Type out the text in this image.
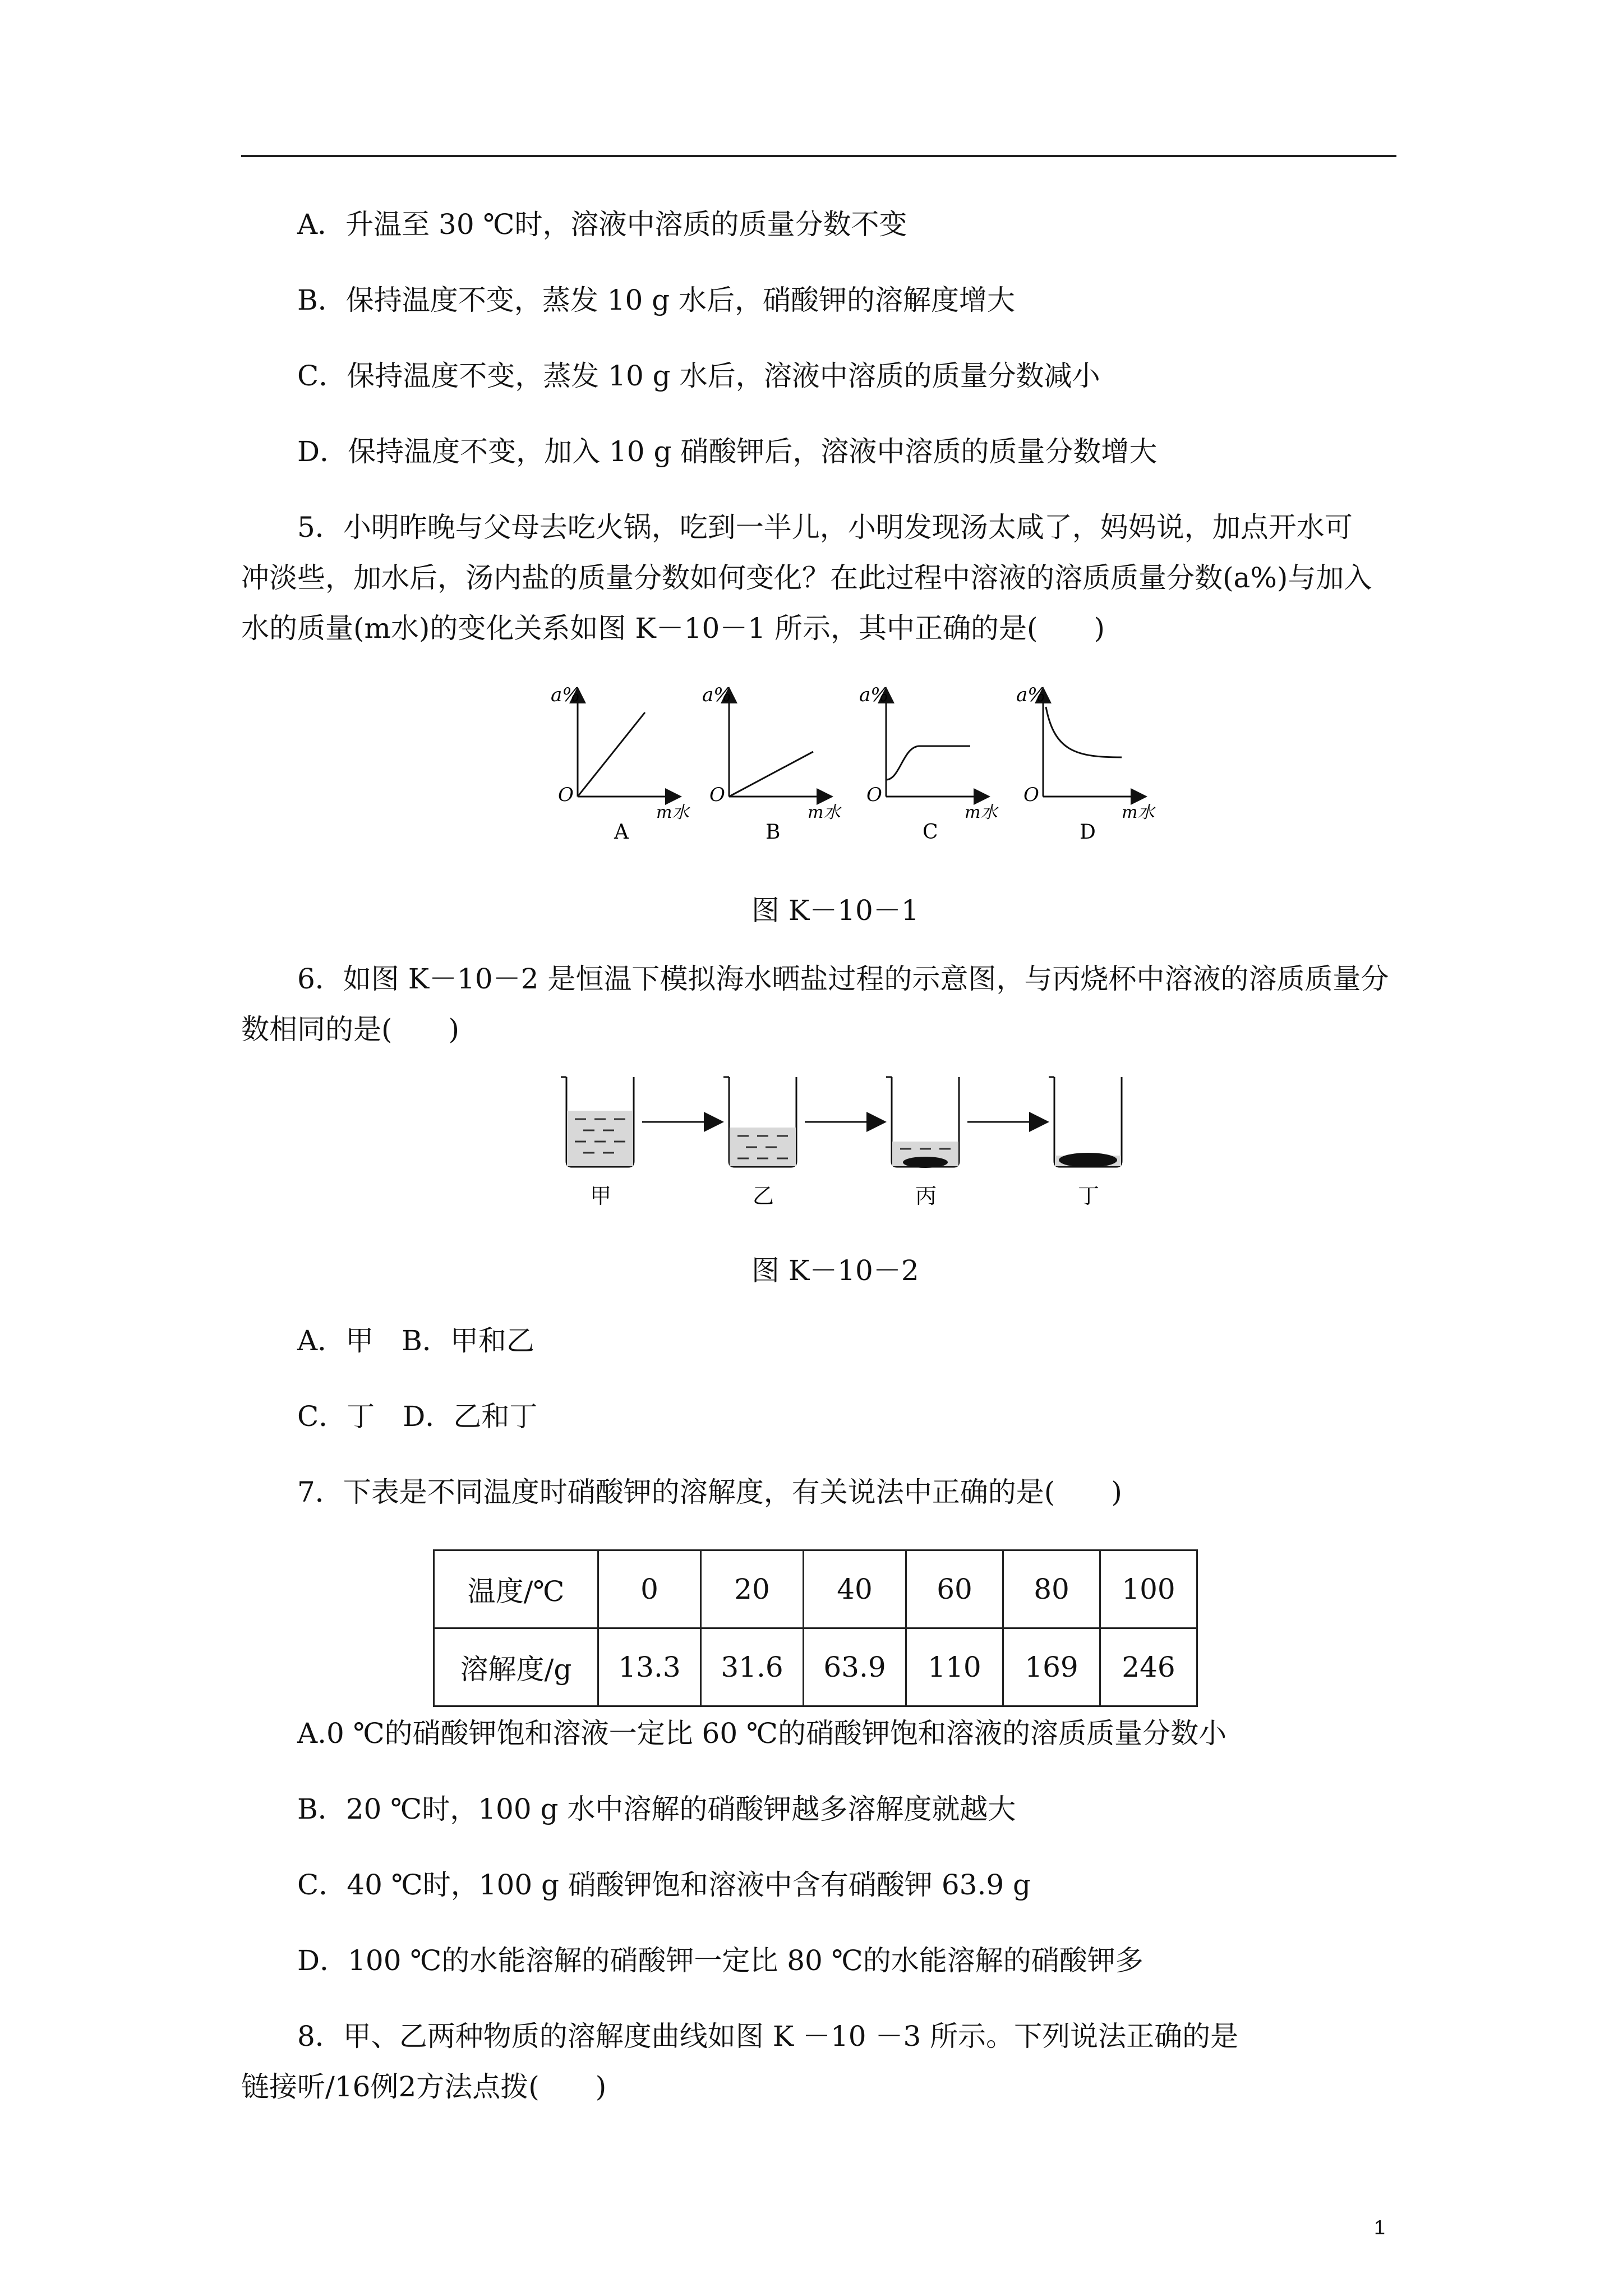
A．升温至 30 ℃时，溶液中溶质的质量分数不变
B．保持温度不变，蒸发 10 g 水后，硝酸钾的溶解度增大
C．保持温度不变，蒸发 10 g 水后，溶液中溶质的质量分数减小
D．保持温度不变，加入 10 g 硝酸钾后，溶液中溶质的质量分数增大
5．小明昨晚与父母去吃火锅，吃到一半儿，小明发现汤太咸了，妈妈说，加点开水可
冲淡些，加水后，汤内盐的质量分数如何变化？在此过程中溶液的溶质质量分数(a%)与加入
水的质量(m水)的变化关系如图 K－10－1 所示，其中正确的是(　　)
a%
O
m水
A
a%
O
m水
B
a%
O
m水
C
a%
O
m水
D
图 K－10－1
6．如图 K－10－2 是恒温下模拟海水晒盐过程的示意图，与丙烧杯中溶液的溶质质量分
数相同的是(　　)
甲	乙	丙	丁
图 K－10－2
A．甲　B．甲和乙
C．丁　D．乙和丁
7．下表是不同温度时硝酸钾的溶解度，有关说法中正确的是(　　)
温度/℃	0	20	40	60	80	100
溶解度/g	13.3	31.6	63.9	110	169	246
A.0 ℃的硝酸钾饱和溶液一定比 60 ℃的硝酸钾饱和溶液的溶质质量分数小
B．20 ℃时，100 g 水中溶解的硝酸钾越多溶解度就越大
C．40 ℃时，100 g 硝酸钾饱和溶液中含有硝酸钾 63.9 g
D．100 ℃的水能溶解的硝酸钾一定比 80 ℃的水能溶解的硝酸钾多
8．甲、乙两种物质的溶解度曲线如图 K －10 －3 所示。下列说法正确的是
链接听/16例2方法点拨(　　)
1
